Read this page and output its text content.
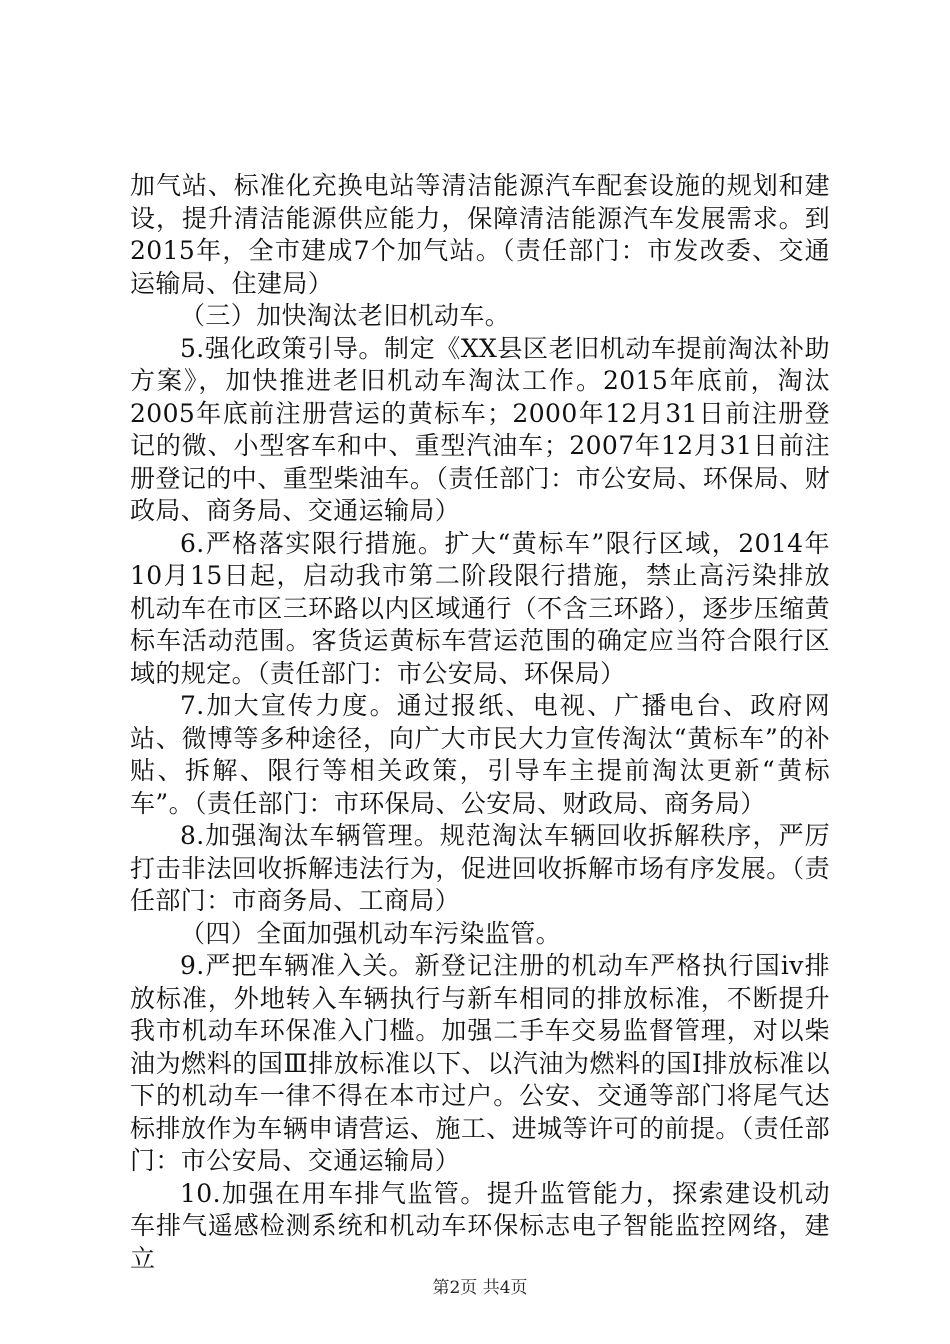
加气站、标准化充换电站等清洁能源汽车配套设施的规划和建设，提升清洁能源供应能力，保障清洁能源汽车发展需求。到2015年，全市建成7个加气站。（责任部门：市发改委、交通运输局、住建局）

（三）加快淘汰老旧机动车。

5.强化政策引导。制定《XX县区老旧机动车提前淘汰补助方案》，加快推进老旧机动车淘汰工作。2015年底前，淘汰2005年底前注册营运的黄标车；2000年12月31日前注册登记的微、小型客车和中、重型汽油车；2007年12月31日前注册登记的中、重型柴油车。（责任部门：市公安局、环保局、财政局、商务局、交通运输局）

6.严格落实限行措施。扩大“黄标车”限行区域，2014年10月15日起，启动我市第二阶段限行措施，禁止高污染排放机动车在市区三环路以内区域通行（不含三环路），逐步压缩黄标车活动范围。客货运黄标车营运范围的确定应当符合限行区域的规定。（责任部门：市公安局、环保局）

7.加大宣传力度。通过报纸、电视、广播电台、政府网站、微博等多种途径，向广大市民大力宣传淘汰“黄标车”的补贴、拆解、限行等相关政策，引导车主提前淘汰更新“黄标车”。（责任部门：市环保局、公安局、财政局、商务局）

8.加强淘汰车辆管理。规范淘汰车辆回收拆解秩序，严厉打击非法回收拆解违法行为，促进回收拆解市场有序发展。（责任部门：市商务局、工商局）

（四）全面加强机动车污染监管。

9.严把车辆准入关。新登记注册的机动车严格执行国iv排放标准，外地转入车辆执行与新车相同的排放标准，不断提升我市机动车环保准入门槛。加强二手车交易监督管理，对以柴油为燃料的国Ⅲ排放标准以下、以汽油为燃料的国Ⅰ排放标准以下的机动车一律不得在本市过户。公安、交通等部门将尾气达标排放作为车辆申请营运、施工、进城等许可的前提。（责任部门：市公安局、交通运输局）

10.加强在用车排气监管。提升监管能力，探索建设机动车排气遥感检测系统和机动车环保标志电子智能监控网络，建立

第2页 共4页
